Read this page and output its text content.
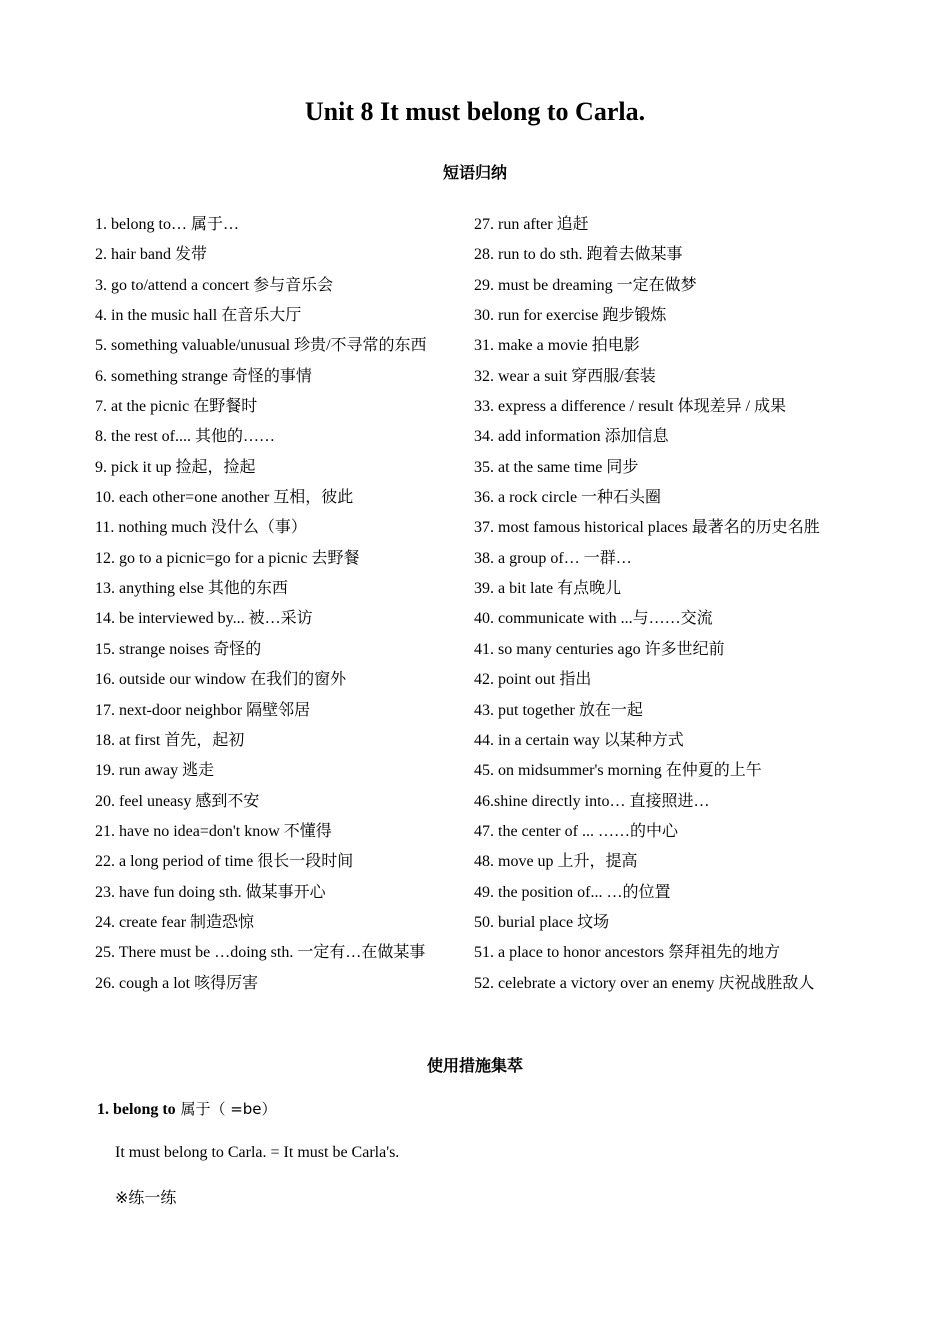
Unit 8 It must belong to Carla.
短语归纳
1. belong to… 属于…
2. hair band 发带
3. go to/attend a concert 参与音乐会
4. in the music hall 在音乐大厅
5. something valuable/unusual 珍贵/不寻常的东西
6. something strange 奇怪的事情
7. at the picnic 在野餐时
8. the rest of.... 其他的……
9. pick it up 捡起，捡起
10. each other=one another 互相，彼此
11. nothing much 没什么（事）
12. go to a picnic=go for a picnic 去野餐
13. anything else 其他的东西
14. be interviewed by... 被…采访
15. strange noises 奇怪的
16. outside our window 在我们的窗外
17. next-door neighbor 隔壁邻居
18. at first 首先，起初
19. run away 逃走
20. feel uneasy 感到不安
21. have no idea=don't know 不懂得
22. a long period of time 很长一段时间
23. have fun doing sth. 做某事开心
24. create fear 制造恐惊
25. There must be …doing sth. 一定有…在做某事
26. cough a lot 咳得厉害
27. run after 追赶
28. run to do sth. 跑着去做某事
29. must be dreaming 一定在做梦
30. run for exercise 跑步锻炼
31. make a movie 拍电影
32. wear a suit 穿西服/套装
33. express a difference / result 体现差异 / 成果
34. add information 添加信息
35. at the same time 同步
36. a rock circle 一种石头圈
37. most famous historical places 最著名的历史名胜
38. a group of… 一群…
39. a bit late 有点晚儿
40. communicate with ...与……交流
41. so many centuries ago 许多世纪前
42. point out 指出
43. put together 放在一起
44. in a certain way 以某种方式
45. on midsummer's morning 在仲夏的上午
46.shine directly into… 直接照进…
47. the center of ... ……的中心
48. move up 上升，提高
49. the position of... …的位置
50. burial place 坟场
51. a place to honor ancestors 祭拜祖先的地方
52. celebrate a victory over an enemy 庆祝战胜敌人
使用措施集萃
1. belong to 属于（ =be）
It must belong to Carla. = It must be Carla's.
※练一练
